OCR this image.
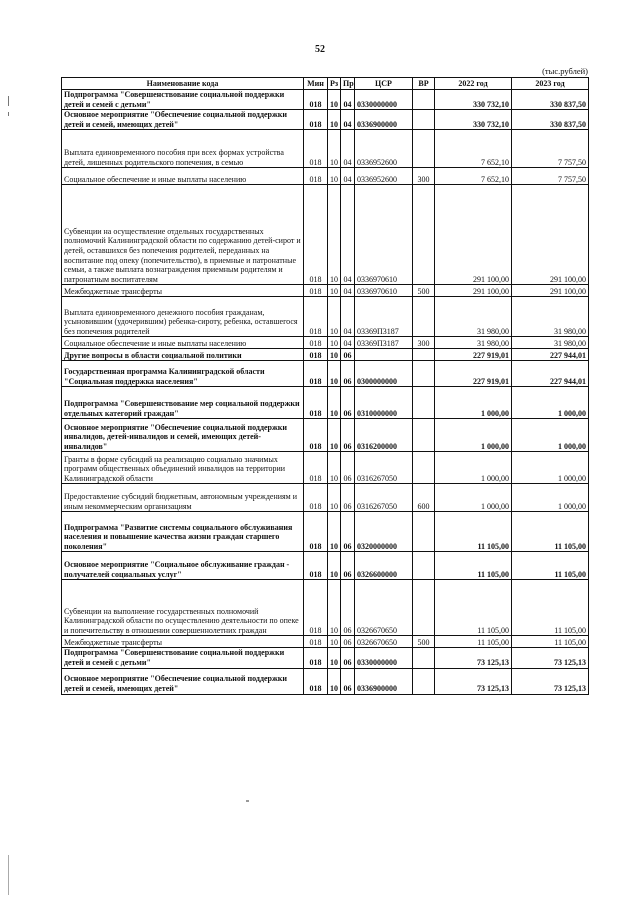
52
(тыс.рублей)
Наименование кода	Мин	Рз	Пр	ЦСР	ВР	2022 год	2023 год
Подпрограмма "Совершенствование социальной поддержки детей и семей с детьми"	018	10	04	0330000000		330 732,10	330 837,50
Основное мероприятие "Обеспечение социальной поддержки детей и семей, имеющих детей"	018	10	04	0336900000		330 732,10	330 837,50
Выплата единовременного пособия при всех формах устройства детей, лишенных родительского попечения, в семью	018	10	04	0336952600		7 652,10	7 757,50
Социальное обеспечение и иные выплаты населению	018	10	04	0336952600	300	7 652,10	7 757,50
Субвенции на осуществление отдельных государственных полномочий Калининградской области по содержанию детей-сирот и детей, оставшихся без попечения родителей, переданных на воспитание под опеку (попечительство), в приемные и патронатные семьи, а также выплата вознаграждения приемным родителям и патронатным воспитателям	018	10	04	0336970610		291 100,00	291 100,00
Межбюджетные трансферты	018	10	04	0336970610	500	291 100,00	291 100,00
Выплата единовременного денежного пособия гражданам, усыновившим (удочерившим) ребенка-сироту, ребенка, оставшегося без попечения родителей	018	10	04	03369П3187		31 980,00	31 980,00
Социальное обеспечение и иные выплаты населению	018	10	04	03369П3187	300	31 980,00	31 980,00
Другие вопросы в области социальной политики	018	10	06			227 919,01	227 944,01
Государственная программа Калининградской области "Социальная поддержка населения"	018	10	06	0300000000		227 919,01	227 944,01
Подпрограмма "Совершенствование мер социальной поддержки отдельных категорий граждан"	018	10	06	0310000000		1 000,00	1 000,00
Основное мероприятие "Обеспечение социальной поддержки инвалидов, детей-инвалидов и семей, имеющих детей-инвалидов"	018	10	06	0316200000		1 000,00	1 000,00
Гранты в форме субсидий на реализацию социально значимых программ общественных объединений инвалидов на территории Калининградской области	018	10	06	0316267050		1 000,00	1 000,00
Предоставление субсидий бюджетным, автономным учреждениям и иным некоммерческим организациям	018	10	06	0316267050	600	1 000,00	1 000,00
Подпрограмма "Развитие системы социального обслуживания населения и повышение качества жизни граждан старшего поколения"	018	10	06	0320000000		11 105,00	11 105,00
Основное мероприятие "Социальное обслуживание граждан - получателей социальных услуг"	018	10	06	0326600000		11 105,00	11 105,00
Субвенции на выполнение государственных полномочий Калининградской области по осуществлению деятельности по опеке и попечительству в отношении совершеннолетних граждан	018	10	06	0326670650		11 105,00	11 105,00
Межбюджетные трансферты	018	10	06	0326670650	500	11 105,00	11 105,00
Подпрограмма "Совершенствование социальной поддержки детей и семей с детьми"	018	10	06	0330000000		73 125,13	73 125,13
Основное мероприятие "Обеспечение социальной поддержки детей и семей, имеющих детей"	018	10	06	0336900000		73 125,13	73 125,13
